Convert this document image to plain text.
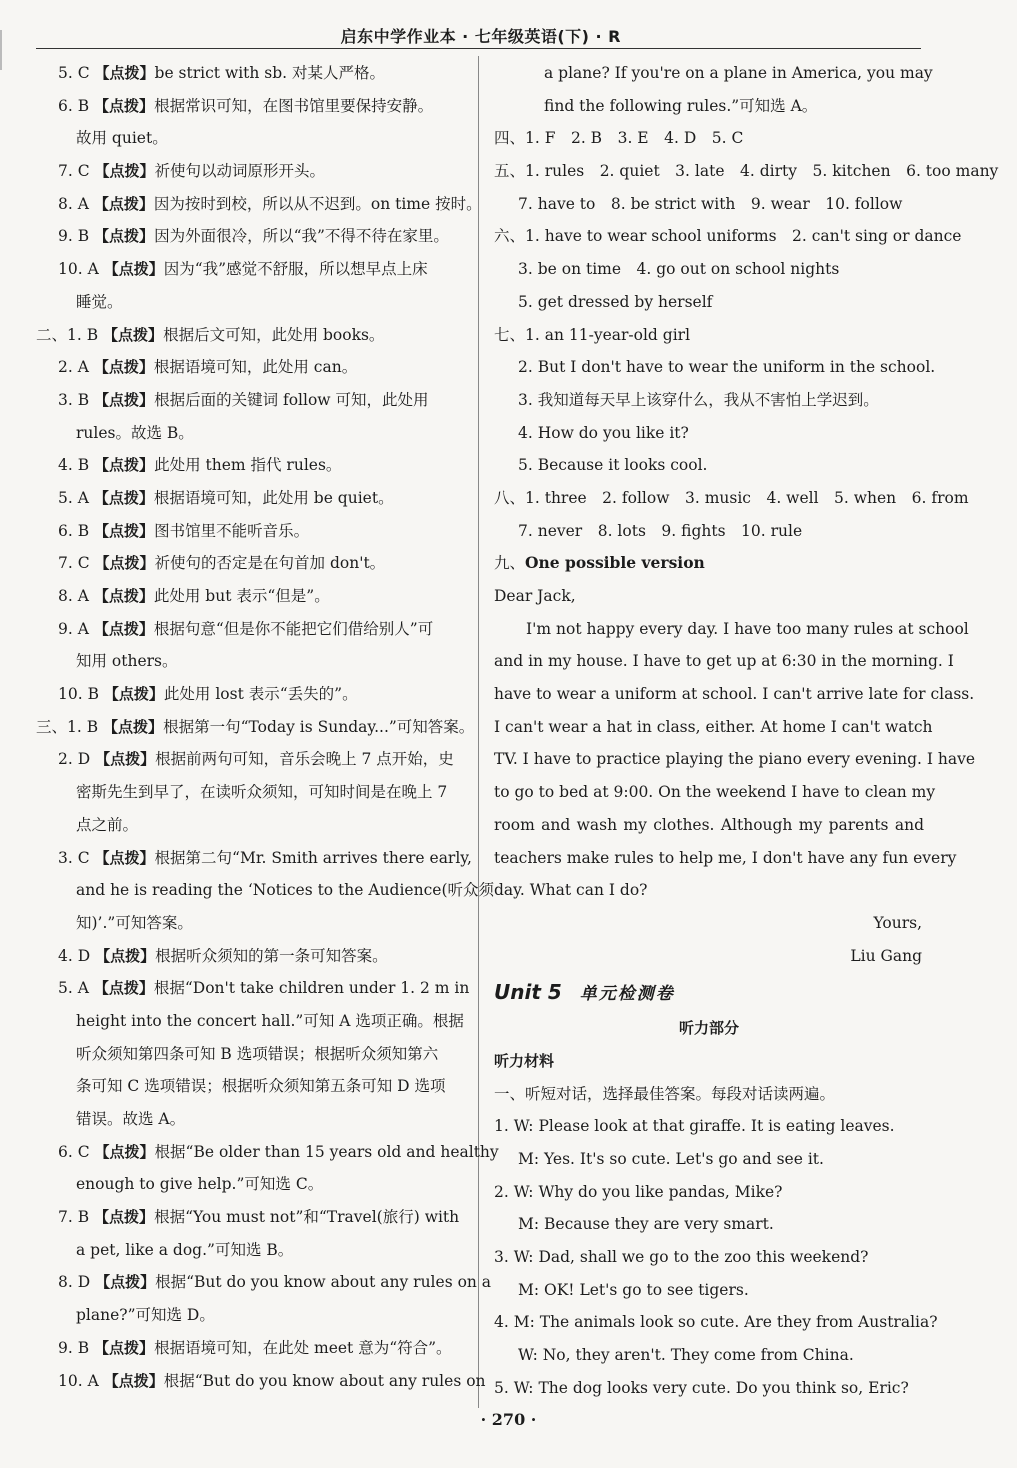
启东中学作业本 · 七年级英语(下) · R
5. C 【点拨】be strict with sb. 对某人严格。
6. B 【点拨】根据常识可知，在图书馆里要保持安静。
故用 quiet。
7. C 【点拨】祈使句以动词原形开头。
8. A 【点拨】因为按时到校，所以从不迟到。on time 按时。
9. B 【点拨】因为外面很冷，所以“我”不得不待在家里。
10. A 【点拨】因为“我”感觉不舒服，所以想早点上床
睡觉。
二、1. B 【点拨】根据后文可知，此处用 books。
2. A 【点拨】根据语境可知，此处用 can。
3. B 【点拨】根据后面的关键词 follow 可知，此处用
rules。故选 B。
4. B 【点拨】此处用 them 指代 rules。
5. A 【点拨】根据语境可知，此处用 be quiet。
6. B 【点拨】图书馆里不能听音乐。
7. C 【点拨】祈使句的否定是在句首加 don't。
8. A 【点拨】此处用 but 表示“但是”。
9. A 【点拨】根据句意“但是你不能把它们借给别人”可
知用 others。
10. B 【点拨】此处用 lost 表示“丢失的”。
三、1. B 【点拨】根据第一句“Today is Sunday...”可知答案。
2. D 【点拨】根据前两句可知，音乐会晚上 7 点开始，史
密斯先生到早了，在读听众须知，可知时间是在晚上 7
点之前。
3. C 【点拨】根据第二句“Mr. Smith arrives there early,
and he is reading the ‘Notices to the Audience(听众须
知)’.”可知答案。
4. D 【点拨】根据听众须知的第一条可知答案。
5. A 【点拨】根据“Don't take children under 1. 2 m in
height into the concert hall.”可知 A 选项正确。根据
听众须知第四条可知 B 选项错误；根据听众须知第六
条可知 C 选项错误；根据听众须知第五条可知 D 选项
错误。故选 A。
6. C 【点拨】根据“Be older than 15 years old and healthy
enough to give help.”可知选 C。
7. B 【点拨】根据“You must not”和“Travel(旅行) with
a pet, like a dog.”可知选 B。
8. D 【点拨】根据“But do you know about any rules on a
plane?”可知选 D。
9. B 【点拨】根据语境可知，在此处 meet 意为“符合”。
10. A 【点拨】根据“But do you know about any rules on
a plane? If you're on a plane in America, you may
find the following rules.”可知选 A。
四、1. F　2. B　3. E　4. D　5. C
五、1. rules　2. quiet　3. late　4. dirty　5. kitchen　6. too many
7. have to　8. be strict with　9. wear　10. follow
六、1. have to wear school uniforms　2. can't sing or dance
3. be on time　4. go out on school nights
5. get dressed by herself
七、1. an 11-year-old girl
2. But I don't have to wear the uniform in the school.
3. 我知道每天早上该穿什么，我从不害怕上学迟到。
4. How do you like it?
5. Because it looks cool.
八、1. three　2. follow　3. music　4. well　5. when　6. from
7. never　8. lots　9. fights　10. rule
九、One possible version
Dear Jack,
I'm not happy every day. I have too many rules at school
and in my house. I have to get up at 6:30 in the morning. I
have to wear a uniform at school. I can't arrive late for class.
I can't wear a hat in class, either. At home I can't watch
TV. I have to practice playing the piano every evening. I have
to go to bed at 9:00. On the weekend I have to clean my
room and wash my clothes. Although my parents and
teachers make rules to help me, I don't have any fun every
day. What can I do?
Yours,
Liu Gang
Unit 5 单元检测卷
听力部分
听力材料
一、听短对话，选择最佳答案。每段对话读两遍。
1. W: Please look at that giraffe. It is eating leaves.
M: Yes. It's so cute. Let's go and see it.
2. W: Why do you like pandas, Mike?
M: Because they are very smart.
3. W: Dad, shall we go to the zoo this weekend?
M: OK! Let's go to see tigers.
4. M: The animals look so cute. Are they from Australia?
W: No, they aren't. They come from China.
5. W: The dog looks very cute. Do you think so, Eric?
· 270 ·
